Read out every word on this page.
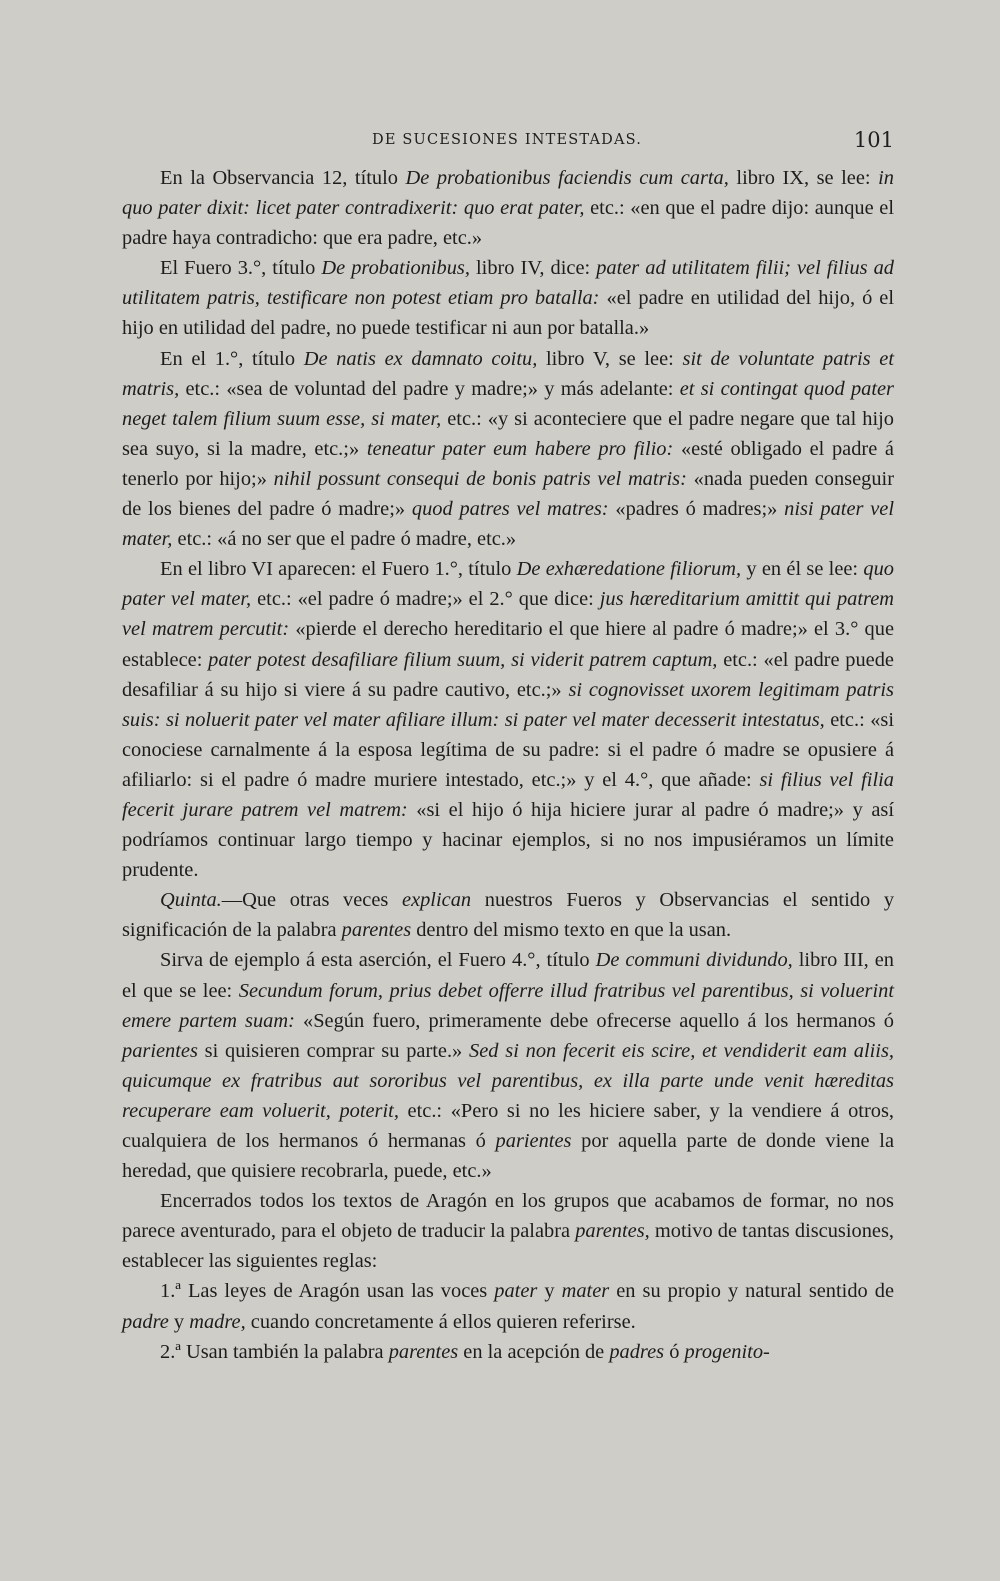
DE SUCESIONES INTESTADAS.	101

En la Observancia 12, título De probationibus faciendis cum carta, libro IX, se lee: in quo pater dixit: licet pater contradixerit: quo erat pater, etc.: «en que el padre dijo: aunque el padre haya contradicho: que era padre, etc.»

El Fuero 3.°, título De probationibus, libro IV, dice: pater ad utilitatem filii; vel filius ad utilitatem patris, testificare non potest etiam pro batalla: «el padre en utilidad del hijo, ó el hijo en utilidad del padre, no puede testificar ni aun por batalla.»

En el 1.°, título De natis ex damnato coitu, libro V, se lee: sit de voluntate patris et matris, etc.: «sea de voluntad del padre y madre;» y más adelante: et si contingat quod pater neget talem filium suum esse, si mater, etc.: «y si aconteciere que el padre negare que tal hijo sea suyo, si la madre, etc.;» teneatur pater eum habere pro filio: «esté obligado el padre á tenerlo por hijo;» nihil possunt consequi de bonis patris vel matris: «nada pueden conseguir de los bienes del padre ó madre;» quod patres vel matres: «padres ó madres;» nisi pater vel mater, etc.: «á no ser que el padre ó madre, etc.»

En el libro VI aparecen: el Fuero 1.°, título De exhæredatione filiorum, y en él se lee: quo pater vel mater, etc.: «el padre ó madre;» el 2.° que dice: jus hæreditarium amittit qui patrem vel matrem percutit: «pierde el derecho hereditario el que hiere al padre ó madre;» el 3.° que establece: pater potest desafiliare filium suum, si viderit patrem captum, etc.: «el padre puede desafiliar á su hijo si viere á su padre cautivo, etc.;» si cognovisset uxorem legitimam patris suis: si noluerit pater vel mater afiliare illum: si pater vel mater decesserit intestatus, etc.: «si conociese carnalmente á la esposa legítima de su padre: si el padre ó madre se opusiere á afiliarlo: si el padre ó madre muriere intestado, etc.;» y el 4.°, que añade: si filius vel filia fecerit jurare patrem vel matrem: «si el hijo ó hija hiciere jurar al padre ó madre;» y así podríamos continuar largo tiempo y hacinar ejemplos, si no nos impusiéramos un límite prudente.

Quinta.—Que otras veces explican nuestros Fueros y Observancias el sentido y significación de la palabra parentes dentro del mismo texto en que la usan.

Sirva de ejemplo á esta aserción, el Fuero 4.°, título De communi dividundo, libro III, en el que se lee: Secundum forum, prius debet offerre illud fratribus vel parentibus, si voluerint emere partem suam: «Según fuero, primeramente debe ofrecerse aquello á los hermanos ó parientes si quisieren comprar su parte.» Sed si non fecerit eis scire, et vendiderit eam aliis, quicumque ex fratribus aut sororibus vel parentibus, ex illa parte unde venit hæreditas recuperare eam voluerit, poterit, etc.: «Pero si no les hiciere saber, y la vendiere á otros, cualquiera de los hermanos ó hermanas ó parientes por aquella parte de donde viene la heredad, que quisiere recobrarla, puede, etc.»

Encerrados todos los textos de Aragón en los grupos que acabamos de formar, no nos parece aventurado, para el objeto de traducir la palabra parentes, motivo de tantas discusiones, establecer las siguientes reglas:

1.ª Las leyes de Aragón usan las voces pater y mater en su propio y natural sentido de padre y madre, cuando concretamente á ellos quieren referirse.

2.ª Usan también la palabra parentes en la acepción de padres ó progenito-
